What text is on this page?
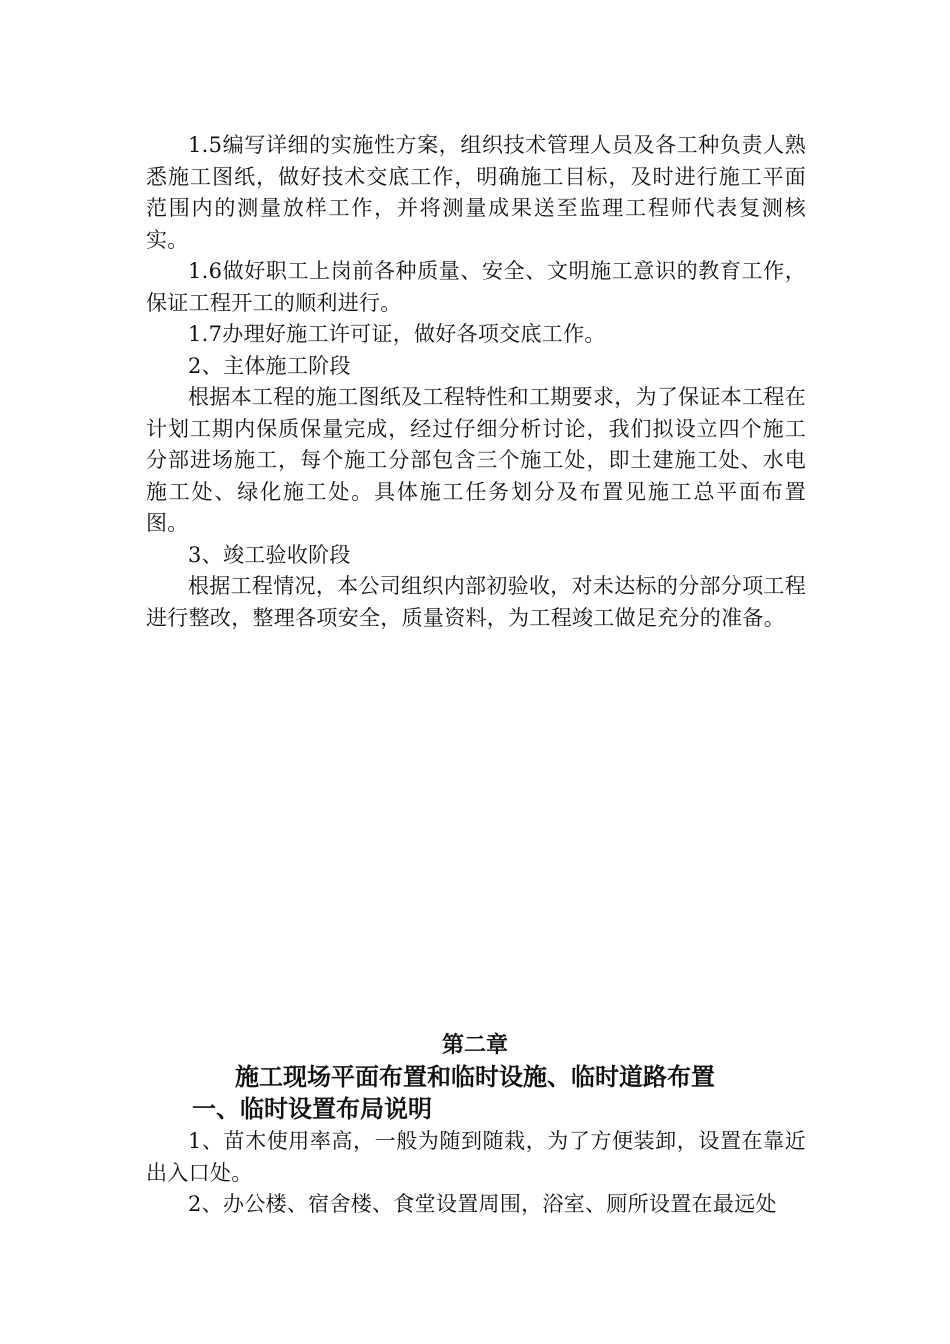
1.5编写详细的实施性方案，组织技术管理人员及各工种负责人熟悉施工图纸，做好技术交底工作，明确施工目标，及时进行施工平面范围内的测量放样工作，并将测量成果送至监理工程师代表复测核实。

1.6做好职工上岗前各种质量、安全、文明施工意识的教育工作，保证工程开工的顺利进行。

1.7办理好施工许可证，做好各项交底工作。

2、主体施工阶段

根据本工程的施工图纸及工程特性和工期要求，为了保证本工程在计划工期内保质保量完成，经过仔细分析讨论，我们拟设立四个施工分部进场施工，每个施工分部包含三个施工处，即土建施工处、水电施工处、绿化施工处。具体施工任务划分及布置见施工总平面布置图。

3、竣工验收阶段

根据工程情况，本公司组织内部初验收，对未达标的分部分项工程进行整改，整理各项安全，质量资料，为工程竣工做足充分的准备。

第二章
施工现场平面布置和临时设施、临时道路布置
一、临时设置布局说明

1、苗木使用率高，一般为随到随栽，为了方便装卸，设置在靠近出入口处。

2、办公楼、宿舍楼、食堂设置周围，浴室、厕所设置在最远处
